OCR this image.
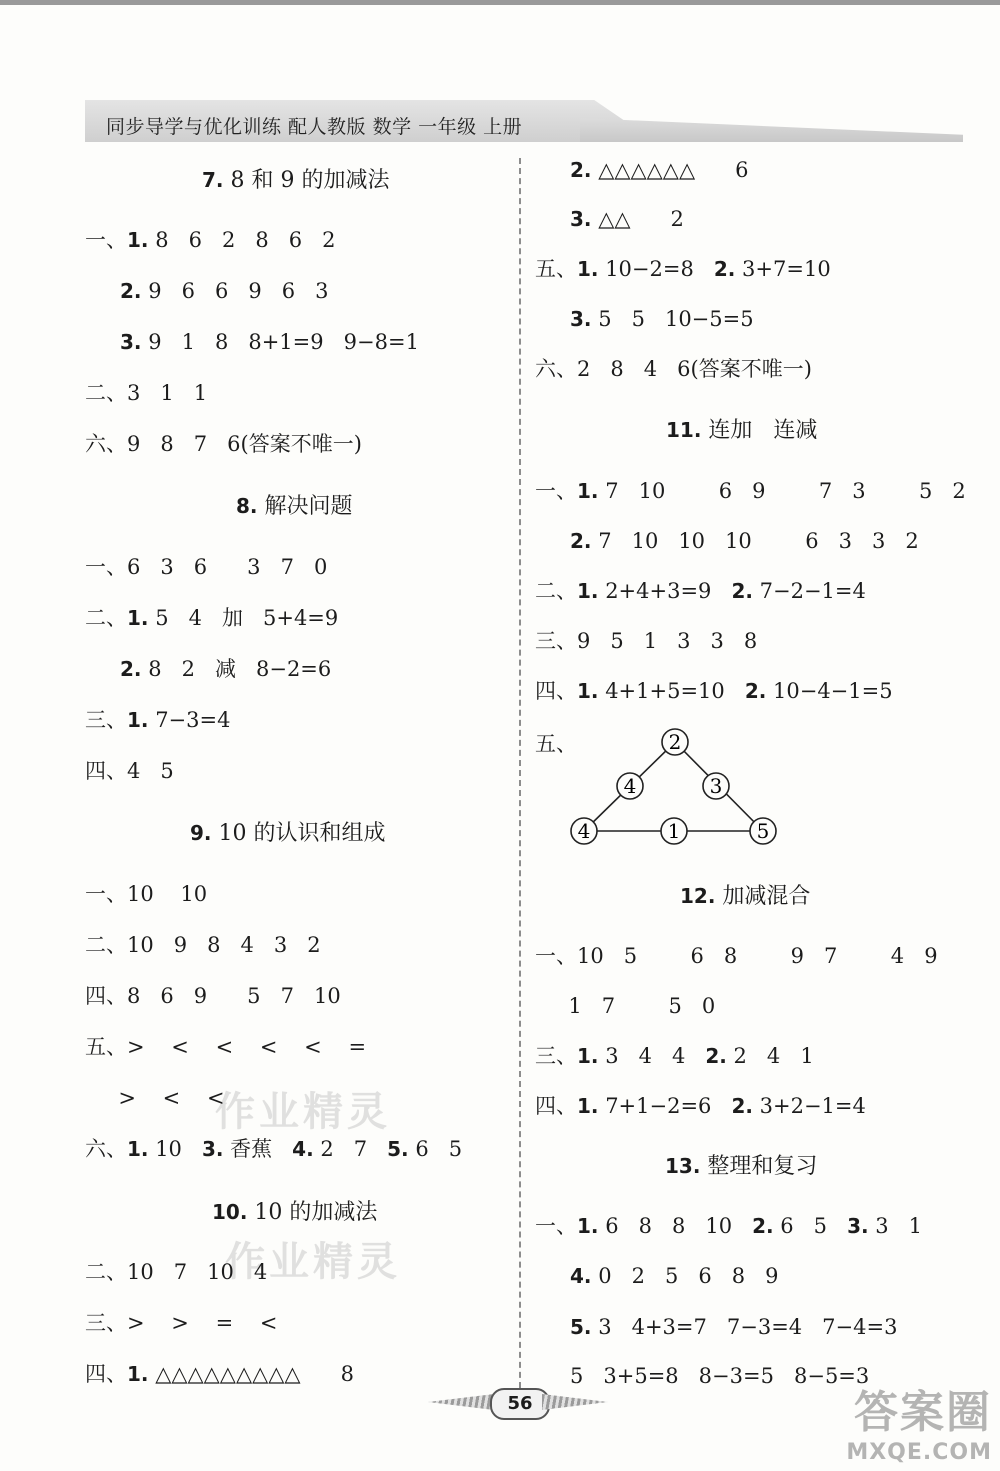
同步导学与优化训练 配人教版 数学 一年级 上册
作业精灵
作业精灵
7. 8 和 9 的加减法
一、1. 8   6   2   8   6   2
2. 9   6   6   9   6   3
3. 9   1   8   8+1=9   9−8=1
二、3   1   1
六、9   8   7   6(答案不唯一)
8. 解决问题
一、6   3   6      3   7   0
二、1. 5   4   加   5+4=9
2. 8   2   减   8−2=6
三、1. 7−3=4
四、4   5
9. 10 的认识和组成
一、10    10
二、10   9   8   4   3   2
四、8   6   9      5   7   10
五、>    <    <    <    <    =
>    <    <
六、1. 10   3. 香蕉   4. 2   7   5. 6   5
10. 10 的加减法
二、10   7   10   4
三、>    >    =    <
四、1. △△△△△△△△△      8
2. △△△△△△      6
3. △△      2
五、1. 10−2=8   2. 3+7=10
3. 5   5   10−5=5
六、2   8   4   6(答案不唯一)
11. 连加   连减
一、1. 7   10        6   9        7   3        5   2
2. 7   10   10   10        6   3   3   2
二、1. 2+4+3=9   2. 7−2−1=4
三、9   5   1   3   3   8
四、1. 4+1+5=10   2. 10−4−1=5
五、	2
4	3
4	1	5
12. 加减混合
一、10   5        6   8        9   7        4   9
1   7        5   0
三、1. 3   4   4   2. 2   4   1
四、1. 7+1−2=6   2. 3+2−1=4
13. 整理和复习
一、1. 6   8   8   10   2. 6   5   3. 3   1
4. 0   2   5   6   8   9
5. 3   4+3=7   7−3=4   7−4=3
5   3+5=8   8−3=5   8−5=3
56	答案圈
MXQE.COM
